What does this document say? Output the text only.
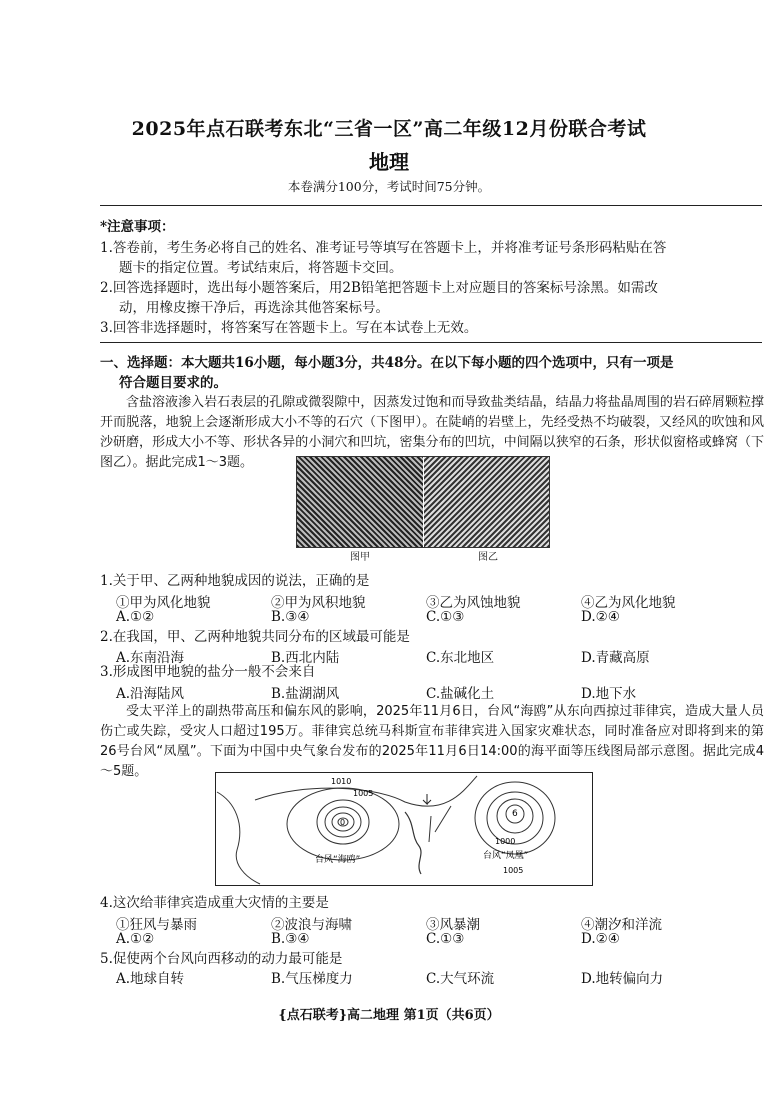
2025年点石联考东北“三省一区”高二年级12月份联合考试
地理
本卷满分100分，考试时间75分钟。
*注意事项：
1.答卷前，考生务必将自己的姓名、准考证号等填写在答题卡上，并将准考证号条形码粘贴在答
题卡的指定位置。考试结束后，将答题卡交回。
2.回答选择题时，选出每小题答案后，用2B铅笔把答题卡上对应题目的答案标号涂黑。如需改
动，用橡皮擦干净后，再选涂其他答案标号。
3.回答非选择题时，将答案写在答题卡上。写在本试卷上无效。
一、选择题：本大题共16小题，每小题3分，共48分。在以下每小题的四个选项中，只有一项是
符合题目要求的。
含盐溶液渗入岩石表层的孔隙或微裂隙中，因蒸发过饱和而导致盐类结晶，结晶力将盐晶周围的岩石碎屑颗粒撑开而脱落，地貌上会逐渐形成大小不等的石穴（下图甲）。在陡峭的岩壁上，先经受热不均破裂，又经风的吹蚀和风沙研磨，形成大小不等、形状各异的小洞穴和凹坑，密集分布的凹坑，中间隔以狭窄的石条，形状似窗格或蜂窝（下图乙）。据此完成1～3题。
图甲	图乙
1.关于甲、乙两种地貌成因的说法，正确的是
①甲为风化地貌	②甲为风积地貌	③乙为风蚀地貌	④乙为风化地貌
A.①②	B.③④	C.①③	D.②④
2.在我国，甲、乙两种地貌共同分布的区域最可能是
A.东南沿海	B.西北内陆	C.东北地区	D.青藏高原
3.形成图甲地貌的盐分一般不会来自
A.沿海陆风	B.盐湖湖风	C.盐碱化土	D.地下水
受太平洋上的副热带高压和偏东风的影响，2025年11月6日，台风“海鸥”从东向西掠过菲律宾，造成大量人员伤亡或失踪，受灾人口超过195万。菲律宾总统马科斯宣布菲律宾进入国家灾难状态，同时准备应对即将到来的第26号台风“凤凰”。下面为中国中央气象台发布的2025年11月6日14:00的海平面等压线图局部示意图。据此完成4～5题。
1010
1005
1000
1005
0
6
台风“海鸥”	台风“凤凰”
4.这次给菲律宾造成重大灾情的主要是
①狂风与暴雨	②波浪与海啸	③风暴潮	④潮汐和洋流
A.①②	B.③④	C.①③	D.②④
5.促使两个台风向西移动的动力最可能是
A.地球自转	B.气压梯度力	C.大气环流	D.地转偏向力
{点石联考}高二地理 第1页（共6页）
